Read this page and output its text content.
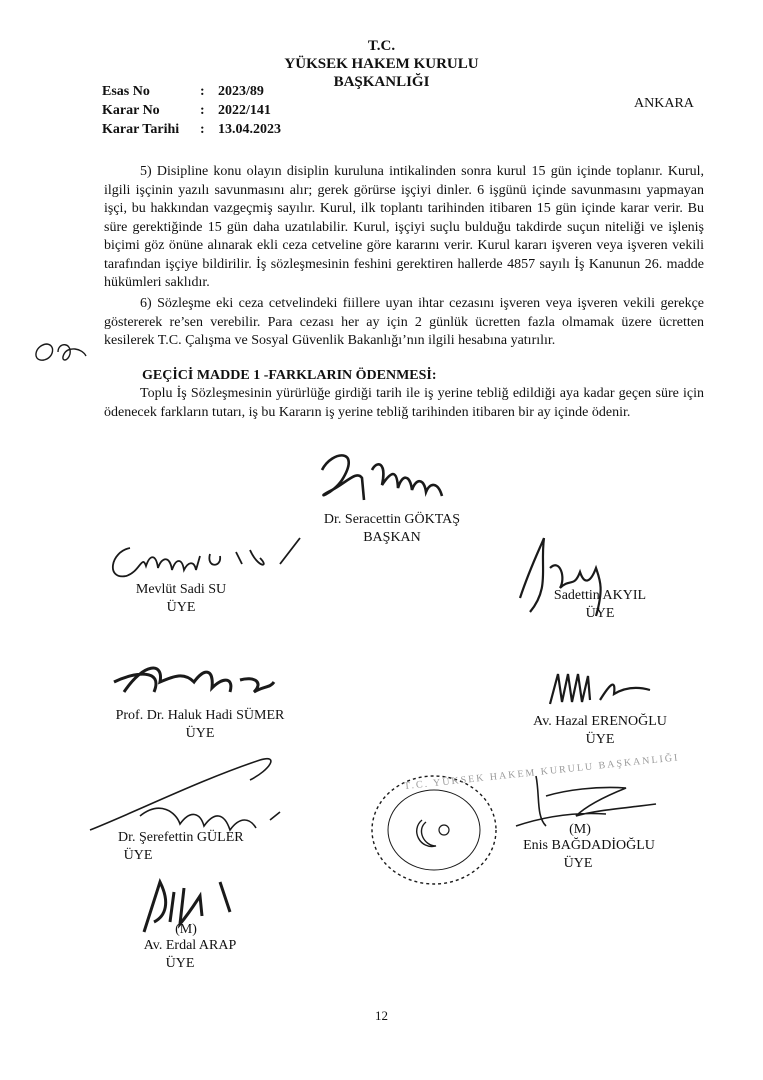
T.C.
YÜKSEK HAKEM KURULU
BAŞKANLIĞI
ANKARA
Esas No	: 2023/89
Karar No	: 2022/141
Karar Tarihi : 13.04.2023
5) Disipline konu olayın disiplin kuruluna intikalinden sonra kurul 15 gün içinde toplanır. Kurul, ilgili işçinin yazılı savunmasını alır; gerek görürse işçiyi dinler. 6 işgünü içinde savunmasını yapmayan işçi, bu hakkından vazgeçmiş sayılır. Kurul, ilk toplantı tarihinden itibaren 15 gün içinde karar verir. Bu süre gerektiğinde 15 gün daha uzatılabilir. Kurul, işçiyi suçlu bulduğu takdirde suçun niteliği ve işleniş biçimi göz önüne alınarak ekli ceza cetveline göre kararını verir. Kurul kararı işveren veya işveren vekili tarafından işçiye bildirilir. İş sözleşmesinin feshini gerektiren hallerde 4857 sayılı İş Kanunun 26. madde hükümleri saklıdır.
6) Sözleşme eki ceza cetvelindeki fiillere uyan ihtar cezasını işveren veya işveren vekili gerekçe göstererek re’sen verebilir. Para cezası her ay için 2 günlük ücretten fazla olmamak üzere ücretten kesilerek T.C. Çalışma ve Sosyal Güvenlik Bakanlığı’nın ilgili hesabına yatırılır.
GEÇİCİ MADDE 1 -FARKLARIN ÖDENMESİ:
Toplu İş Sözleşmesinin yürürlüğe girdiği tarih ile iş yerine tebliğ edildiği aya kadar geçen süre için ödenecek farkların tutarı, iş bu Kararın iş yerine tebliğ tarihinden itibaren bir ay içinde ödenir.
Dr. Seracettin GÖKTAŞ
BAŞKAN
Mevlüt Sadi SU
ÜYE
Sadettin AKYIL
ÜYE
Prof. Dr. Haluk Hadi SÜMER
ÜYE
Av. Hazal ERENOĞLU
ÜYE
Dr. Şerefettin GÜLER
ÜYE
T.C. YÜKSEK HAKEM KURULU BAŞKANLIĞI
(M)
Enis BAĞDADİOĞLU
ÜYE
(M)
Av. Erdal ARAP
ÜYE
12
